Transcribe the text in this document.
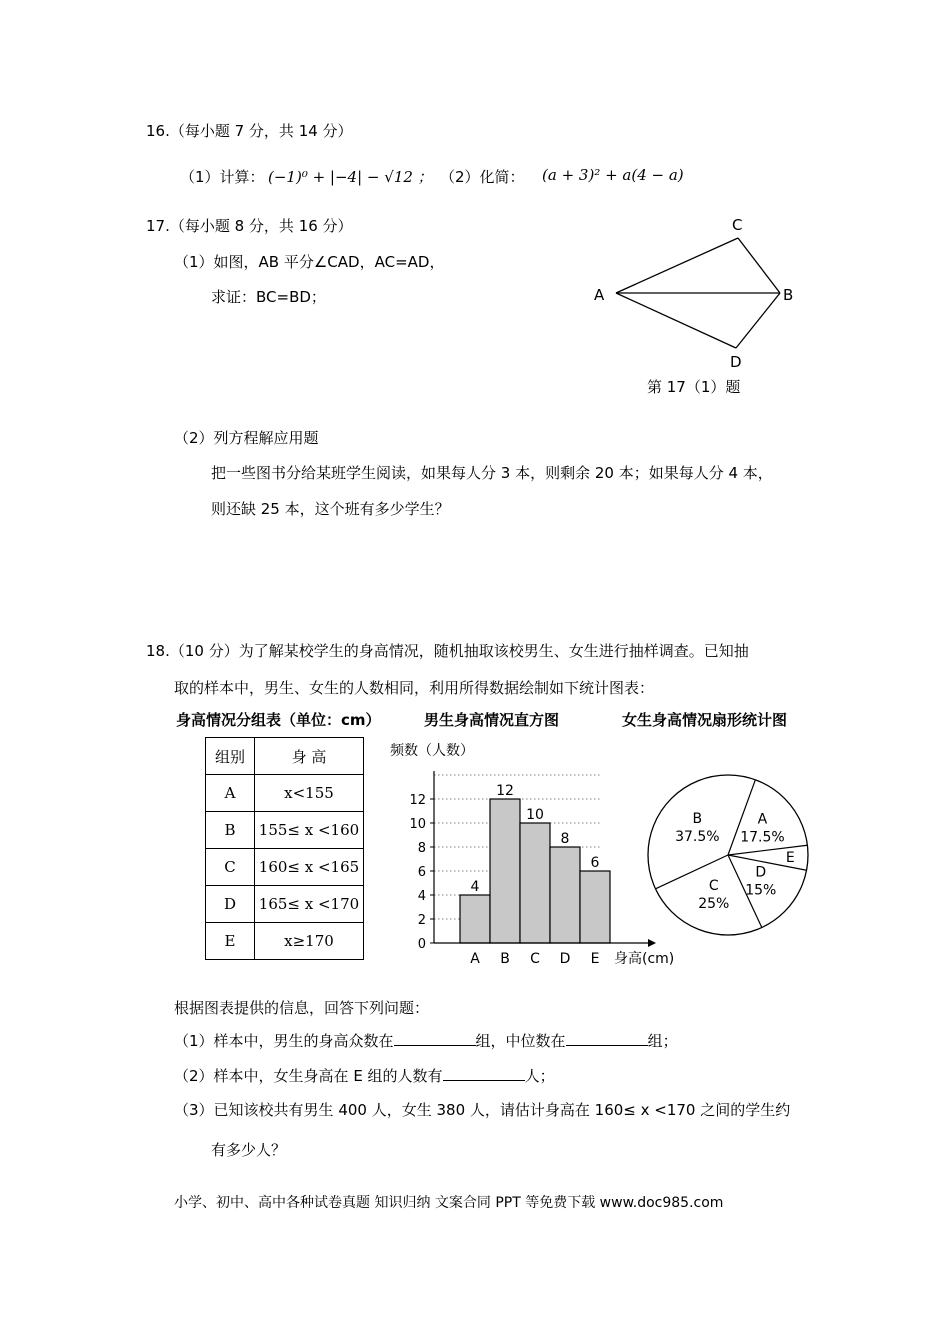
16.（每小题 7 分，共 14 分）
（1）计算： (−1)⁰ + |−4| − √12 ； （2）化简： (a + 3)² + a(4 − a)
17.（每小题 8 分，共 16 分）
（1）如图，AB 平分∠CAD，AC=AD，
求证：BC=BD；	A	B
C
D
第 17（1）题
（2）列方程解应用题
把一些图书分给某班学生阅读，如果每人分 3 本，则剩余 20 本；如果每人分 4 本，
则还缺 25 本，这个班有多少学生？
18.（10 分）为了解某校学生的身高情况，随机抽取该校男生、女生进行抽样调查。已知抽
取的样本中，男生、女生的人数相同，利用所得数据绘制如下统计图表：
身高情况分组表（单位：cm）	男生身高情况直方图	女生身高情况扇形统计图
组别	身 高
A	x<155
B	155≤ x <160
C	160≤ x <165
D	165≤ x <170
E	x≥170
频数（人数）
4
A
12
B
10
C
8
D
6
E
0
2
4
6
8
10
12
身高(cm)
A
17.5%
E
D
15%
C
25%
B
37.5%
根据图表提供的信息，回答下列问题：
（1）样本中，男生的身高众数在	组，中位数在	组；
（2）样本中，女生身高在 E 组的人数有	人；
（3）已知该校共有男生 400 人，女生 380 人，请估计身高在 160≤ x <170 之间的学生约
有多少人？
小学、初中、高中各种试卷真题 知识归纳 文案合同 PPT 等免费下载 www.doc985.com
